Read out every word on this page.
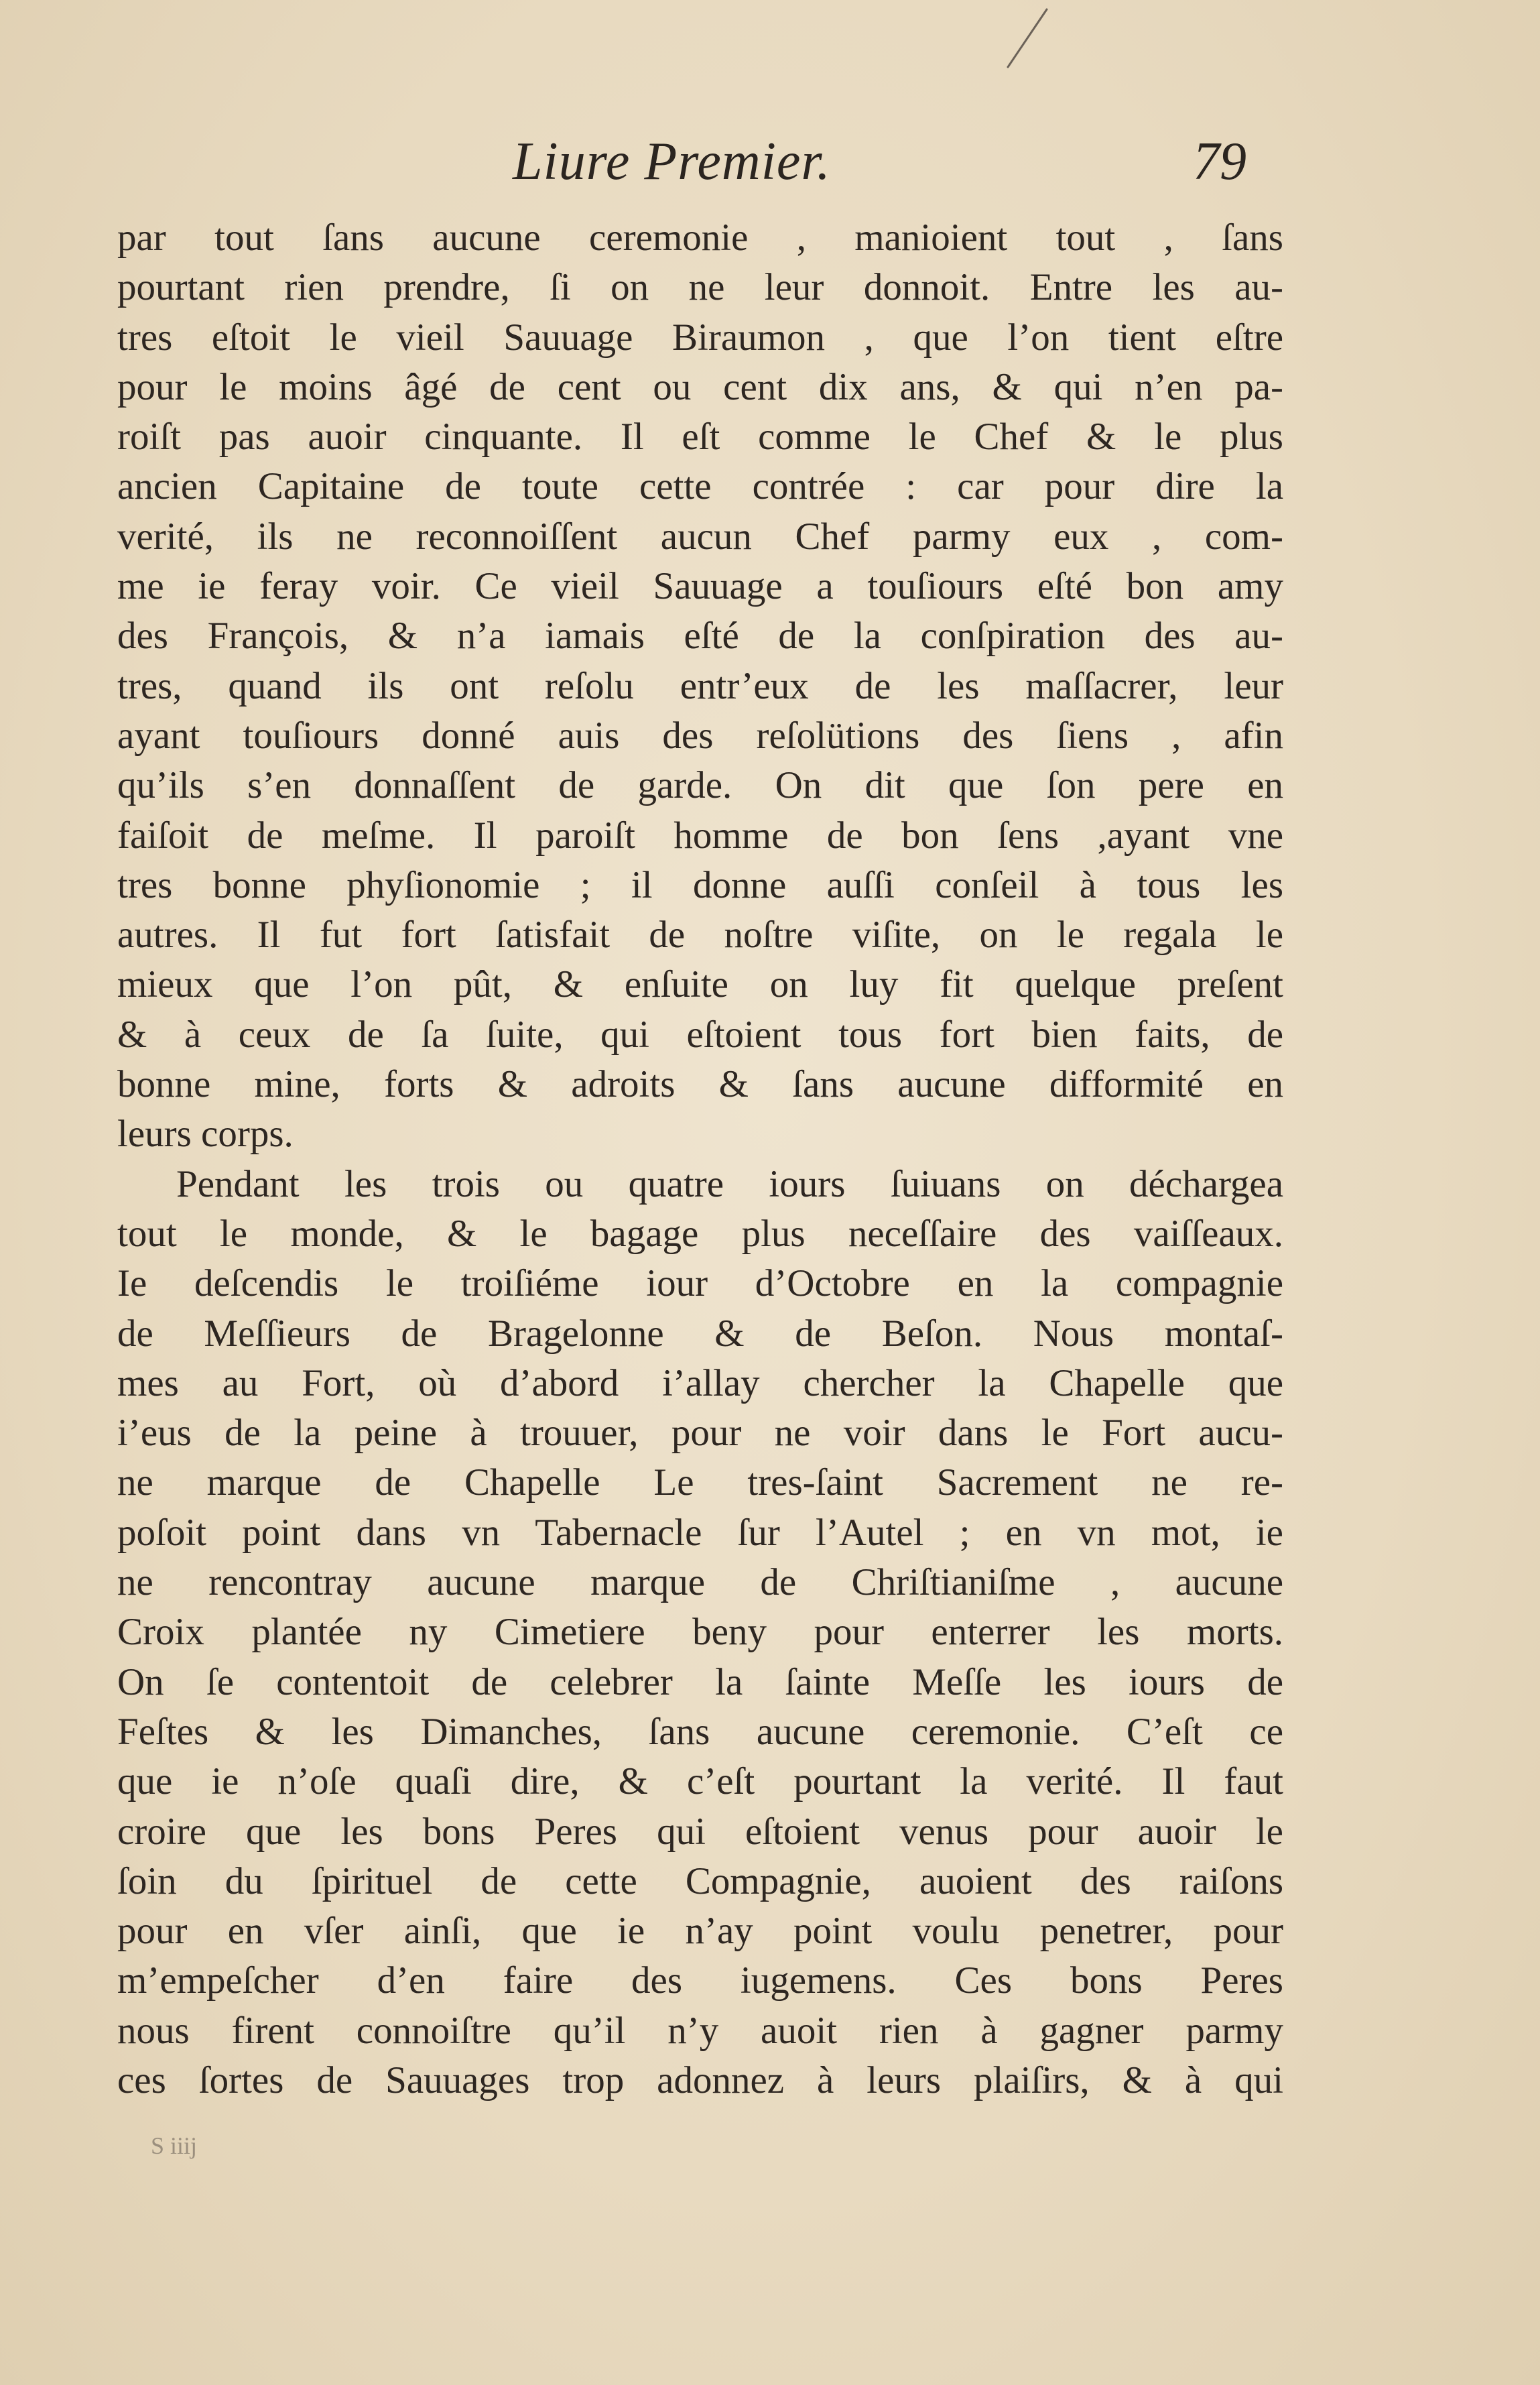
Liure Premier.	79
par tout ſans aucune ceremonie , manioient tout , ſans
pourtant rien prendre, ſi on ne leur donnoit. Entre les au-
tres eſtoit le vieil Sauuage Biraumon , que l’on tient eſtre
pour le moins âgé de cent ou cent dix ans, & qui n’en pa-
roiſt pas auoir cinquante. Il eſt comme le Chef & le plus
ancien Capitaine de toute cette contrée : car pour dire la
verité, ils ne reconnoiſſent aucun Chef parmy eux , com-
me ie feray voir. Ce vieil Sauuage a touſiours eſté bon amy
des François, & n’a iamais eſté de la conſpiration des au-
tres, quand ils ont reſolu entr’eux de les maſſacrer, leur
ayant touſiours donné auis des reſolütions des ſiens , afin
qu’ils s’en donnaſſent de garde. On dit que ſon pere en
faiſoit de meſme. Il paroiſt homme de bon ſens ,ayant vne
tres bonne phyſionomie ; il donne auſſi conſeil à tous les
autres. Il fut fort ſatisfait de noſtre viſite, on le regala le
mieux que l’on pût, & enſuite on luy fit quelque preſent
& à ceux de ſa ſuite, qui eſtoient tous fort bien faits, de
bonne mine, forts & adroits & ſans aucune difformité en
leurs corps.
Pendant les trois ou quatre iours ſuiuans on déchargea
tout le monde, & le bagage plus neceſſaire des vaiſſeaux.
Ie deſcendis le troiſiéme iour d’Octobre en la compagnie
de Meſſieurs de Bragelonne & de Beſon. Nous montaſ-
mes au Fort, où d’abord i’allay chercher la Chapelle que
i’eus de la peine à trouuer, pour ne voir dans le Fort aucu-
ne marque de Chapelle Le tres-ſaint Sacrement ne re-
poſoit point dans vn Tabernacle ſur l’Autel ; en vn mot, ie
ne rencontray aucune marque de Chriſtianiſme , aucune
Croix plantée ny Cimetiere beny pour enterrer les morts.
On ſe contentoit de celebrer la ſainte Meſſe les iours de
Feſtes & les Dimanches, ſans aucune ceremonie. C’eſt ce
que ie n’oſe quaſi dire, & c’eſt pourtant la verité. Il faut
croire que les bons Peres qui eſtoient venus pour auoir le
ſoin du ſpirituel de cette Compagnie, auoient des raiſons
pour en vſer ainſi, que ie n’ay point voulu penetrer, pour
m’empeſcher d’en faire des iugemens. Ces bons Peres
nous firent connoiſtre qu’il n’y auoit rien à gagner parmy
ces ſortes de Sauuages trop adonnez à leurs plaiſirs, & à qui
S iiij
